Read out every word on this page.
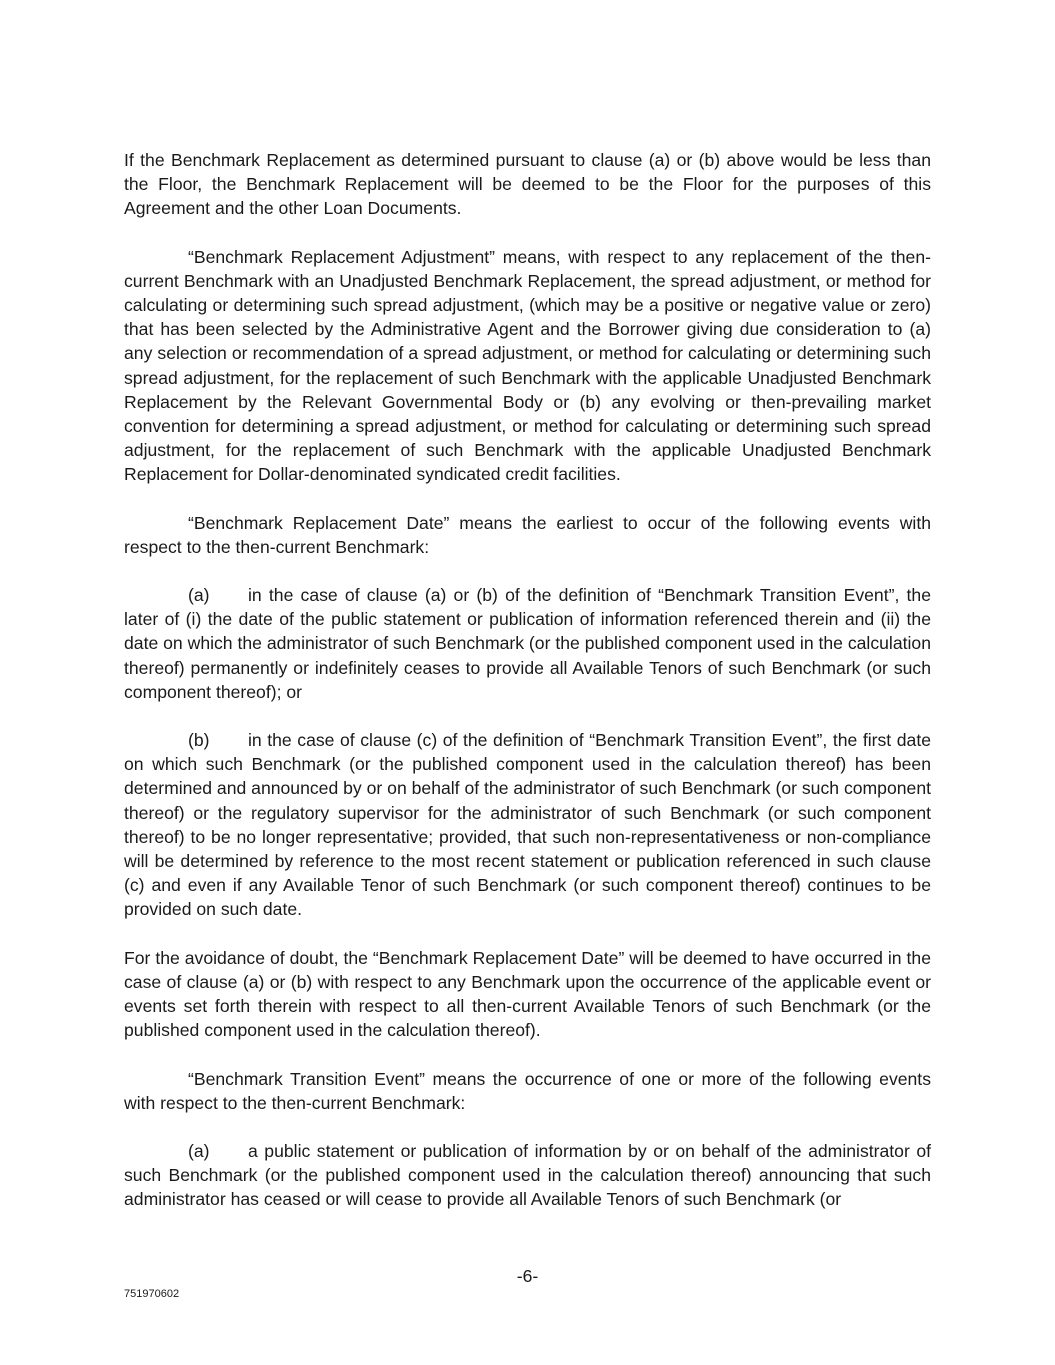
If the Benchmark Replacement as determined pursuant to clause (a) or (b) above would be less than the Floor, the Benchmark Replacement will be deemed to be the Floor for the purposes of this Agreement and the other Loan Documents.

“Benchmark Replacement Adjustment” means, with respect to any replacement of the then-current Benchmark with an Unadjusted Benchmark Replacement, the spread adjustment, or method for calculating or determining such spread adjustment, (which may be a positive or negative value or zero) that has been selected by the Administrative Agent and the Borrower giving due consideration to (a) any selection or recommendation of a spread adjustment, or method for calculating or determining such spread adjustment, for the replacement of such Benchmark with the applicable Unadjusted Benchmark Replacement by the Relevant Governmental Body or (b) any evolving or then-prevailing market convention for determining a spread adjustment, or method for calculating or determining such spread adjustment, for the replacement of such Benchmark with the applicable Unadjusted Benchmark Replacement for Dollar-denominated syndicated credit facilities.

“Benchmark Replacement Date” means the earliest to occur of the following events with respect to the then-current Benchmark:

(a) in the case of clause (a) or (b) of the definition of “Benchmark Transition Event”, the later of (i) the date of the public statement or publication of information referenced therein and (ii) the date on which the administrator of such Benchmark (or the published component used in the calculation thereof) permanently or indefinitely ceases to provide all Available Tenors of such Benchmark (or such component thereof); or

(b) in the case of clause (c) of the definition of “Benchmark Transition Event”, the first date on which such Benchmark (or the published component used in the calculation thereof) has been determined and announced by or on behalf of the administrator of such Benchmark (or such component thereof) or the regulatory supervisor for the administrator of such Benchmark (or such component thereof) to be no longer representative; provided, that such non-representativeness or non-compliance will be determined by reference to the most recent statement or publication referenced in such clause (c) and even if any Available Tenor of such Benchmark (or such component thereof) continues to be provided on such date.

For the avoidance of doubt, the “Benchmark Replacement Date” will be deemed to have occurred in the case of clause (a) or (b) with respect to any Benchmark upon the occurrence of the applicable event or events set forth therein with respect to all then-current Available Tenors of such Benchmark (or the published component used in the calculation thereof).

“Benchmark Transition Event” means the occurrence of one or more of the following events with respect to the then-current Benchmark:

(a) a public statement or publication of information by or on behalf of the administrator of such Benchmark (or the published component used in the calculation thereof) announcing that such administrator has ceased or will cease to provide all Available Tenors of such Benchmark (or

-6-
751970602
